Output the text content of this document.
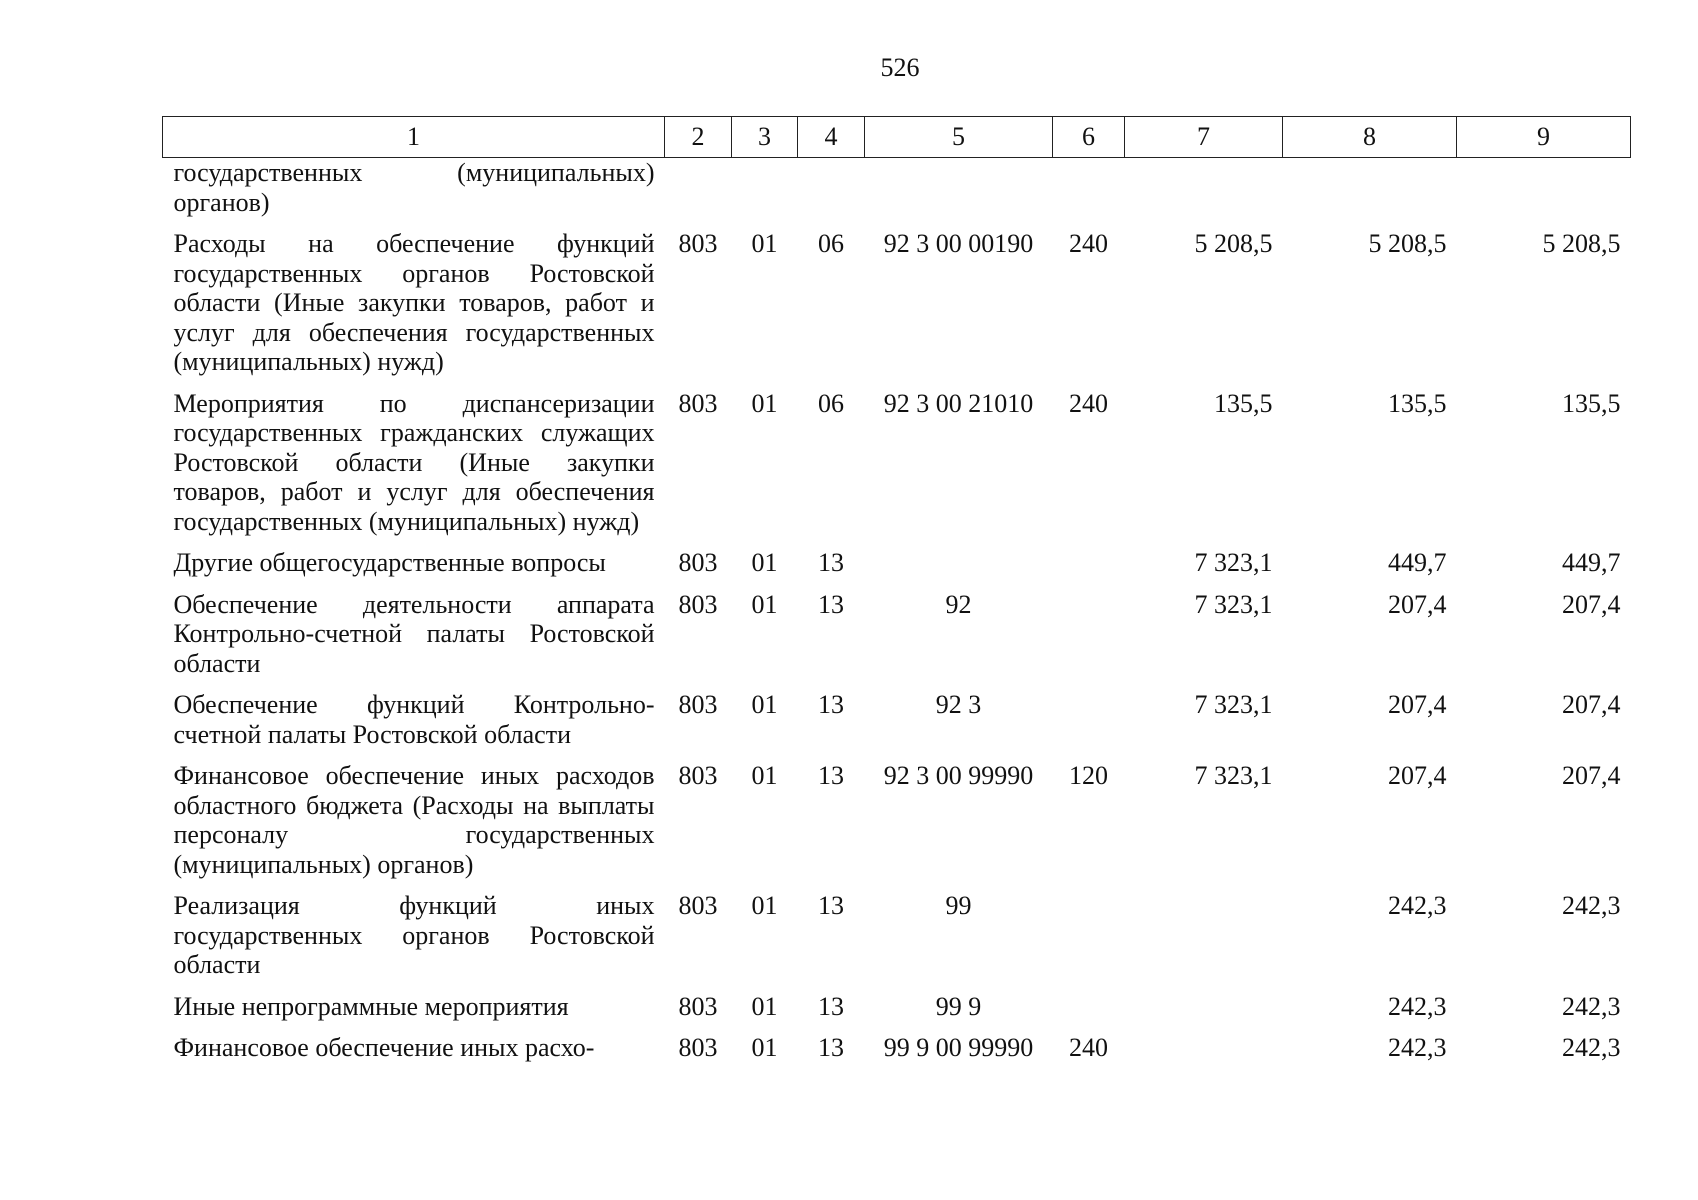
526
1	2	3	4	5	6	7	8	9
государственных (муниципальных) органов)								
Расходы на обеспечение функций государственных органов Ростовской области (Иные закупки товаров, работ и услуг для обеспечения государственных (муниципальных) нужд)	803	01	06	92 3 00 00190	240	5 208,5	5 208,5	5 208,5
Мероприятия по диспансеризации государственных гражданских служащих Ростовской области (Иные закупки товаров, работ и услуг для обеспечения государственных (муниципальных) нужд)	803	01	06	92 3 00 21010	240	135,5	135,5	135,5
Другие общегосударственные вопросы	803	01	13			7 323,1	449,7	449,7
Обеспечение деятельности аппарата Контрольно-счетной палаты Ростовской области	803	01	13	92		7 323,1	207,4	207,4
Обеспечение функций Контрольно-счетной палаты Ростовской области	803	01	13	92 3		7 323,1	207,4	207,4
Финансовое обеспечение иных расходов областного бюджета (Расходы на выплаты персоналу государственных (муниципальных) органов)	803	01	13	92 3 00 99990	120	7 323,1	207,4	207,4
Реализация функций иных государственных органов Ростовской области	803	01	13	99			242,3	242,3
Иные непрограммные мероприятия	803	01	13	99 9			242,3	242,3
Финансовое обеспечение иных расхо-	803	01	13	99 9 00 99990	240		242,3	242,3
